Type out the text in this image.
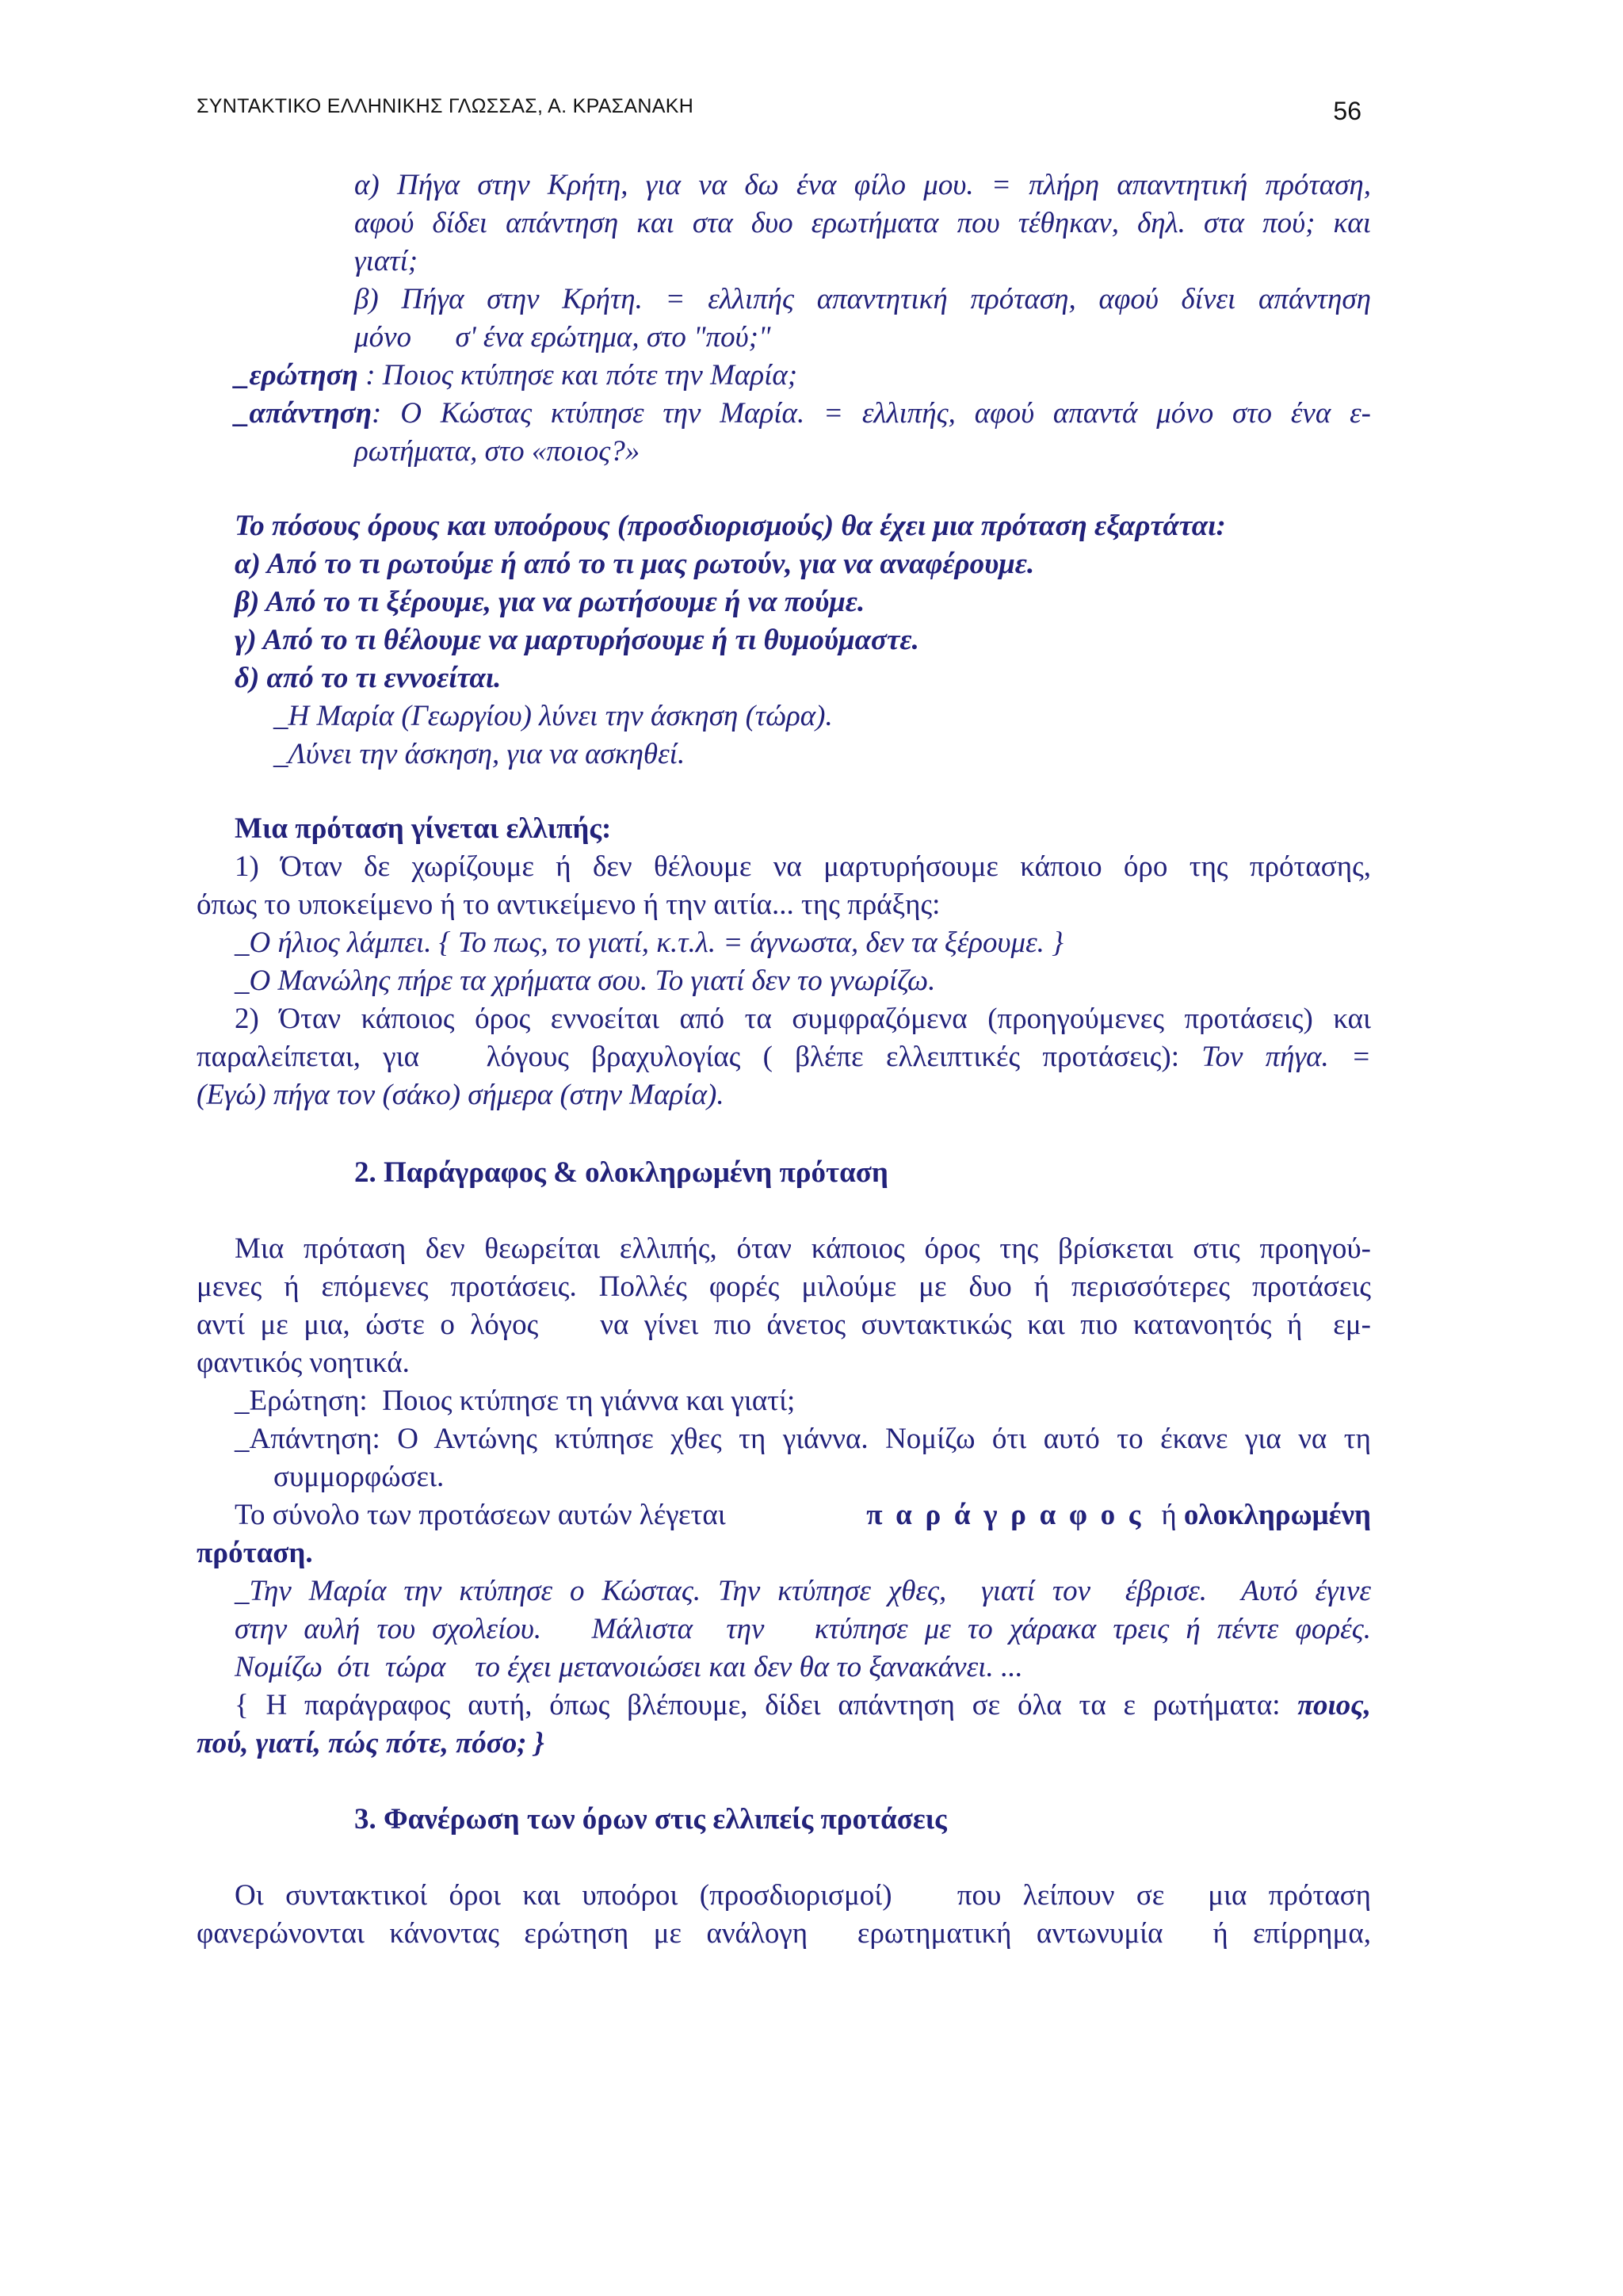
ΣΥΝΤΑΚΤΙΚΟ ΕΛΛΗΝΙΚΗΣ ΓΛΩΣΣΑΣ, Α. ΚΡΑΣΑΝΑΚΗ	56
α) Πήγα στην Κρήτη, για να δω ένα φίλο μου. = πλήρη απαντητική πρόταση,
αφού δίδει απάντηση και στα δυο ερωτήματα που τέθηκαν, δηλ. στα πού; και
γιατί;
β) Πήγα στην Κρήτη. = ελλιπής απαντητική πρόταση, αφού δίνει απάντηση
μόνο      σ' ένα ερώτημα, στο "πού;"
_ερώτηση : Ποιος κτύπησε και πότε την Μαρία;
_απάντηση: Ο Κώστας κτύπησε την Μαρία. = ελλιπής, αφού απαντά μόνο στο ένα ε-
ρωτήματα, στο «ποιος?»
Το πόσους όρους και υποόρους (προσδιορισμούς) θα έχει μια πρόταση εξαρτάται:
α) Από το τι ρωτούμε ή από το τι μας ρωτούν, για να αναφέρουμε.
β) Από το τι ξέρουμε, για να ρωτήσουμε ή να πούμε.
γ) Από το τι θέλουμε να μαρτυρήσουμε ή τι θυμούμαστε.
δ) από το τι εννοείται.
_Η Μαρία (Γεωργίου) λύνει την άσκηση (τώρα).
_Λύνει την άσκηση, για να ασκηθεί.
Μια πρόταση γίνεται ελλιπής:
1) Όταν δε χωρίζουμε ή δεν θέλουμε να μαρτυρήσουμε κάποιο όρο της πρότασης,
όπως το υποκείμενο ή το αντικείμενο ή την αιτία... της πράξης:
_Ο ήλιος λάμπει. { Το πως, το γιατί, κ.τ.λ. = άγνωστα, δεν τα ξέρουμε. }
_Ο Μανώλης πήρε τα χρήματα σου. Το γιατί δεν το γνωρίζω.
2) Όταν κάποιος όρος εννοείται από τα συμφραζόμενα (προηγούμενες προτάσεις) και
παραλείπεται, για   λόγους βραχυλογίας ( βλέπε ελλειπτικές προτάσεις): Τον πήγα. =
(Εγώ) πήγα τον (σάκο) σήμερα (στην Μαρία).
2. Παράγραφος & ολοκληρωμένη πρόταση
Μια πρόταση δεν θεωρείται ελλιπής, όταν κάποιος όρος της βρίσκεται στις προηγού-
μενες ή επόμενες προτάσεις. Πολλές φορές μιλούμε με δυο ή περισσότερες προτάσεις
αντί με μια, ώστε ο λόγος    να γίνει πιο άνετος συντακτικώς και πιο κατανοητός ή  εμ-
φαντικός νοητικά.
_Ερώτηση:  Ποιος κτύπησε τη γιάννα και γιατί;
_Απάντηση: Ο Αντώνης κτύπησε χθες τη γιάννα. Νομίζω ότι αυτό το έκανε για να τη
συμμορφώσει.
Το σύνολο των προτάσεων αυτών λέγεται	παράγραφος ή ολοκληρωμένη
πρόταση.
_Την Μαρία την κτύπησε ο Κώστας. Την κτύπησε χθες,  γιατί τον  έβρισε.  Αυτό έγινε
στην αυλή του σχολείου.   Μάλιστα  την   κτύπησε με το χάρακα τρεις ή πέντε φορές.
Νομίζω  ότι  τώρα    το έχει μετανοιώσει και δεν θα το ξανακάνει. ...
{ Η παράγραφος αυτή, όπως βλέπουμε, δίδει απάντηση σε όλα τα ε ρωτήματα: ποιος,
πού, γιατί, πώς πότε, πόσο; }
3. Φανέρωση των όρων στις ελλιπείς προτάσεις
Οι συντακτικοί όροι και υποόροι (προσδιορισμοί)   που λείπουν σε  μια πρόταση
φανερώνονται κάνοντας ερώτηση με ανάλογη  ερωτηματική αντωνυμία  ή επίρρημα,
